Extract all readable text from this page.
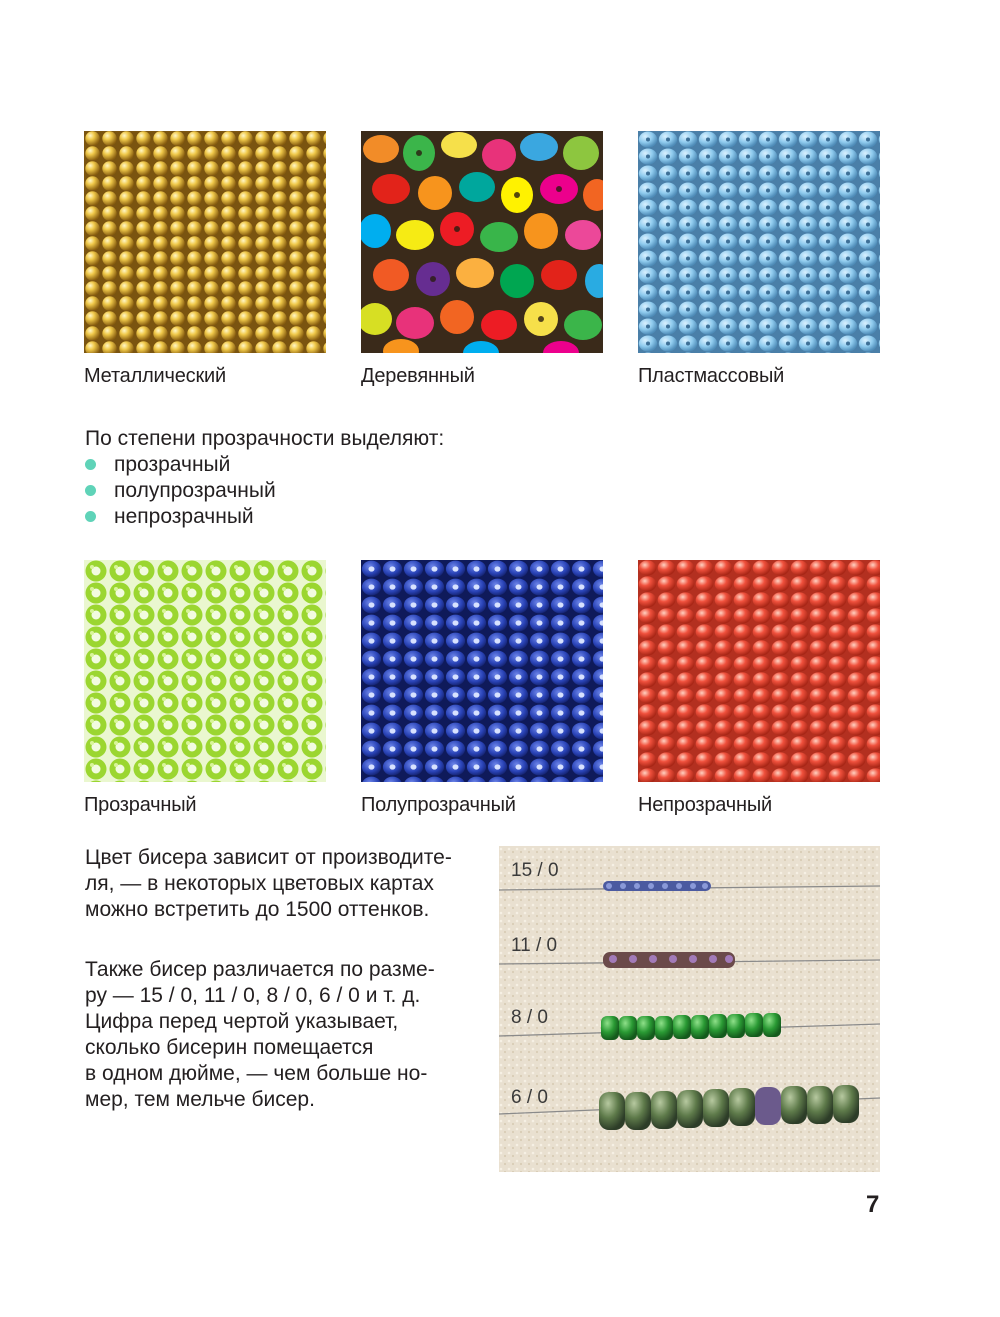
Металлический	Деревянный	Пластмассовый
По степени прозрачности выделяют:
прозрачный
полупрозрачный
непрозрачный
Прозрачный	Полупрозрачный	Непрозрачный
Цвет бисера зависит от производите-
ля, — в некоторых цветовых картах
можно встретить до 1500 оттенков.
Также бисер различается по разме-
ру — 15 / 0, 11 / 0, 8 / 0, 6 / 0 и т. д.
Цифра перед чертой указывает,
сколько бисерин помещается
в одном дюйме, — чем больше но-
мер, тем мельче бисер.
15 / 0
11 / 0
8 / 0
6 / 0
7
